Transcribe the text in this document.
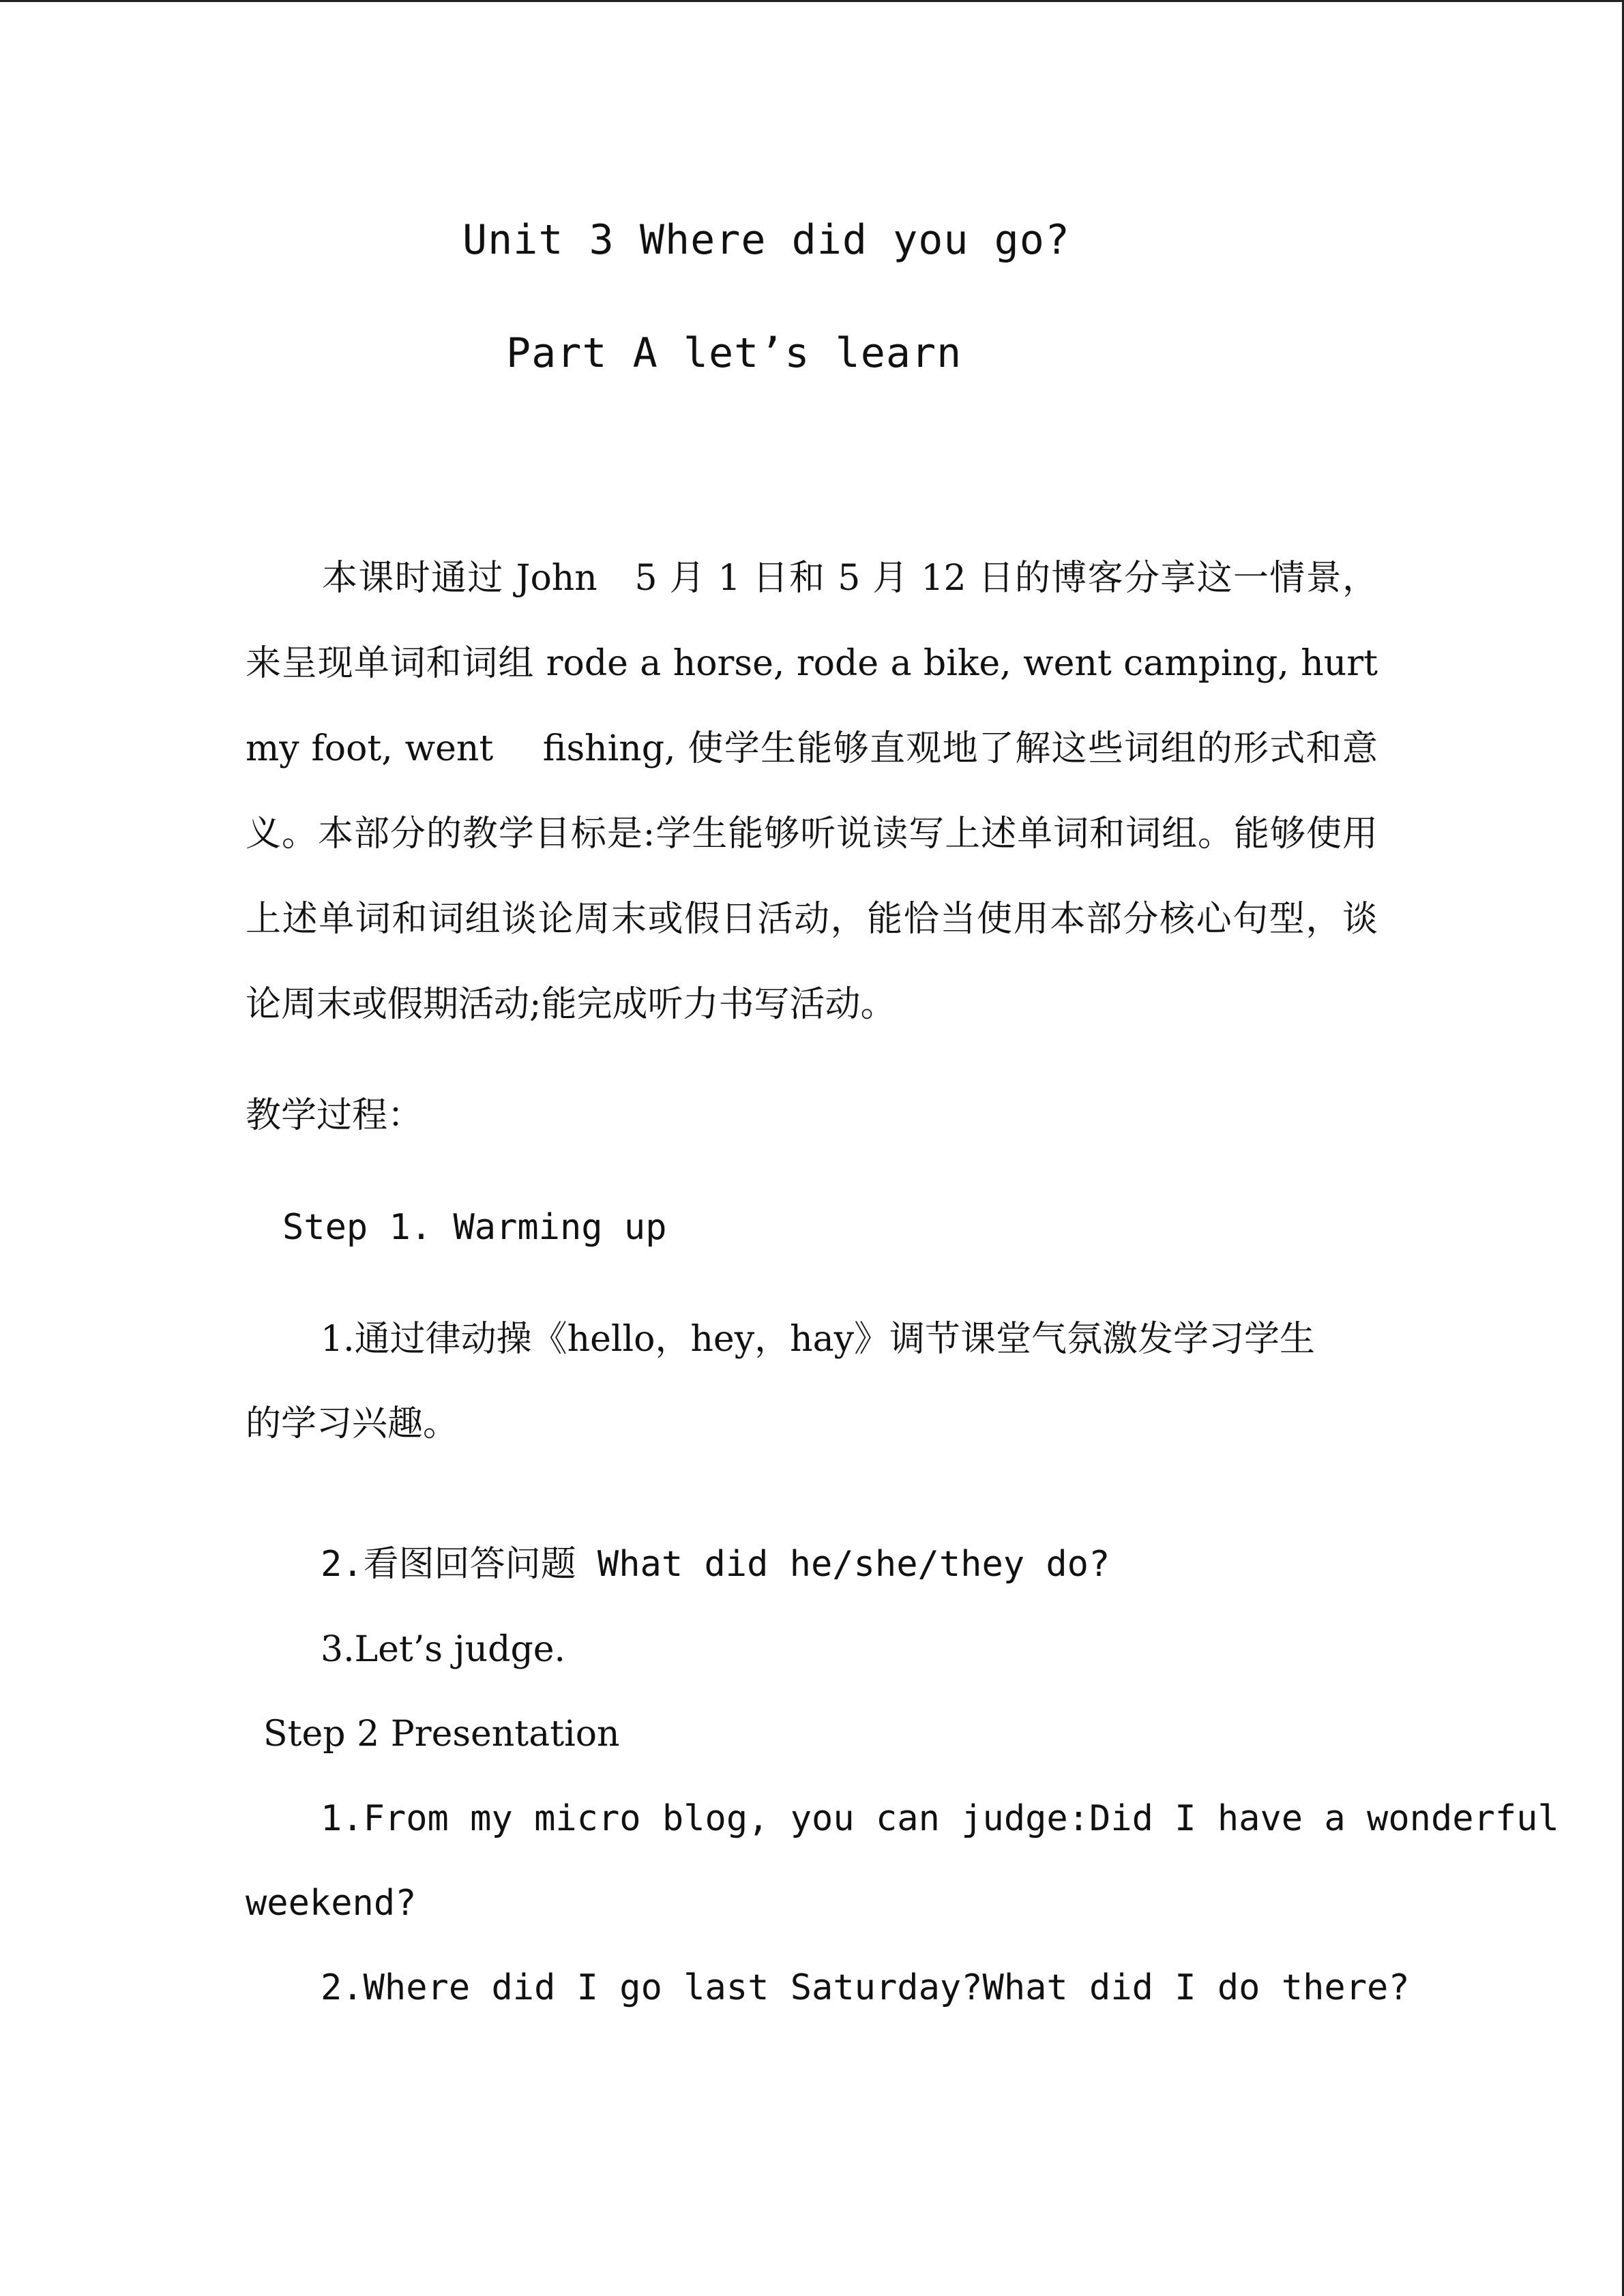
Unit 3 Where did you go?
Part A let’s learn
本课时通过 John　5 月 1 日和 5 月 12 日的博客分享这一情景，来呈现单词和词组 rode a horse, rode a bike, went camping, hurt my foot, went　 fishing, 使学生能够直观地了解这些词组的形式和意义。本部分的教学目标是:学生能够听说读写上述单词和词组。能够使用上述单词和词组谈论周末或假日活动，能恰当使用本部分核心句型，谈论周末或假期活动;能完成听力书写活动。
教学过程：
Step 1. Warming up
1.通过律动操《hello，hey，hay》调节课堂气氛激发学习学生
的学习兴趣。
2.看图回答问题 What did he/she/they do?
3.Let’s judge.
Step 2 Presentation
1.From my micro blog, you can judge:Did I have a wonderful
weekend?
2.Where did I go last Saturday?What did I do there?
